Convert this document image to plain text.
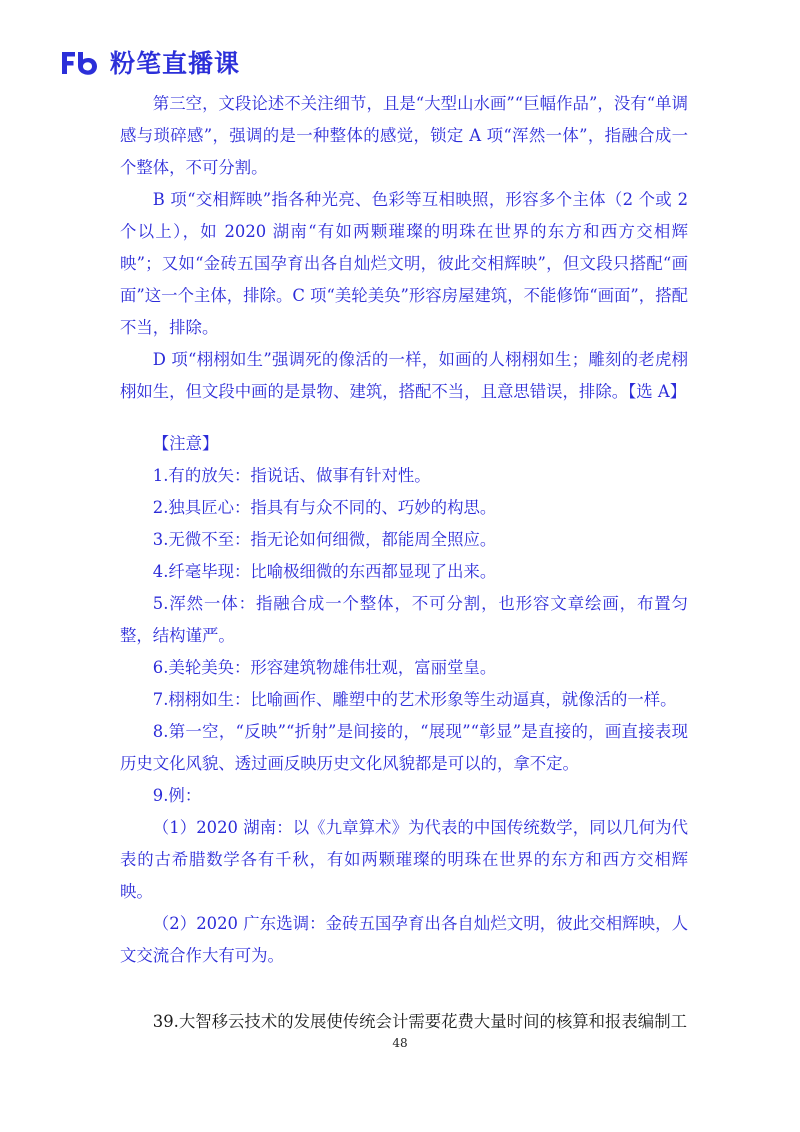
粉笔直播课

第三空，文段论述不关注细节，且是“大型山水画”“巨幅作品”，没有“单调感与琐碎感”，强调的是一种整体的感觉，锁定 A 项“浑然一体”，指融合成一个整体，不可分割。

B 项“交相辉映”指各种光亮、色彩等互相映照，形容多个主体（2 个或 2 个以上），如 2020 湖南“有如两颗璀璨的明珠在世界的东方和西方交相辉映”；又如“金砖五国孕育出各自灿烂文明，彼此交相辉映”，但文段只搭配“画面”这一个主体，排除。C 项“美轮美奂”形容房屋建筑，不能修饰“画面”，搭配不当，排除。

D 项“栩栩如生”强调死的像活的一样，如画的人栩栩如生；雕刻的老虎栩栩如生，但文段中画的是景物、建筑，搭配不当，且意思错误，排除。【选 A】

【注意】

1.有的放矢：指说话、做事有针对性。

2.独具匠心：指具有与众不同的、巧妙的构思。

3.无微不至：指无论如何细微，都能周全照应。

4.纤毫毕现：比喻极细微的东西都显现了出来。

5.浑然一体：指融合成一个整体，不可分割，也形容文章绘画，布置匀整，结构谨严。

6.美轮美奂：形容建筑物雄伟壮观，富丽堂皇。

7.栩栩如生：比喻画作、雕塑中的艺术形象等生动逼真，就像活的一样。

8.第一空，“反映”“折射”是间接的，“展现”“彰显”是直接的，画直接表现历史文化风貌、透过画反映历史文化风貌都是可以的，拿不定。

9.例：

（1）2020 湖南：以《九章算术》为代表的中国传统数学，同以几何为代表的古希腊数学各有千秋，有如两颗璀璨的明珠在世界的东方和西方交相辉映。

（2）2020 广东选调：金砖五国孕育出各自灿烂文明，彼此交相辉映，人文交流合作大有可为。

39.大智移云技术的发展使传统会计需要花费大量时间的核算和报表编制工

48
